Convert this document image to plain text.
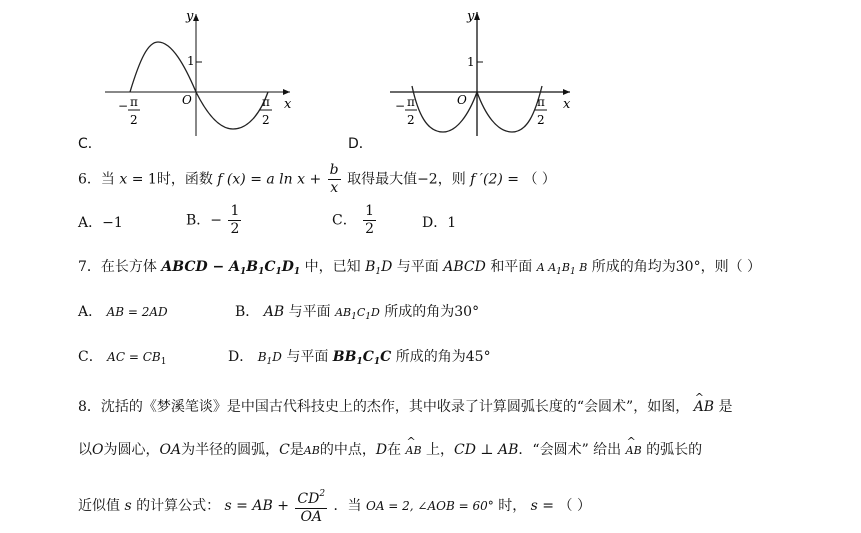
y
x
1
O
− π
2
π
2
C．
y
x
1
O
− π
2
π
2
D．
6．当 x = 1时，函数 f (x) = a $\ln x + \frac{b}{x}$ 取得最大值−2，则 f ′(2) = （ ）
A．−1	B．− $\frac{1}{2}$	C． $\frac{1}{2}$	D．1
7．在长方体 ABCD − $A_1B_1C_1D_1$ 中，已知 $B_1D$ 与平面 ABCD 和平面 A $A_1B_1$ B 所成的角均为30°，则（ ）
A． AB = 2AD	B． AB 与平面 $AB_1C_1D$ 所成的角为30°
C． AC = $CB_1$	D． $B_1D$ 与平面 $BB_1C_1C$ 所成的角为45°
8．沈括的《梦溪笔谈》是中国古代科技史上的杰作，其中收录了计算圆弧长度的“会圆术”，如图， ^ AB 是
以O为圆心，OA为半径的圆弧，C是AB的中点，D在 ^ AB 上，CD ⊥ AB．“会圆术” 给出 ^ AB 的弧长的
近似值 s 的计算公式： s = AB + $\frac{CD^2}{OA}$ ．当 OA = 2, ∠AOB = 60° 时， s = （ ）
